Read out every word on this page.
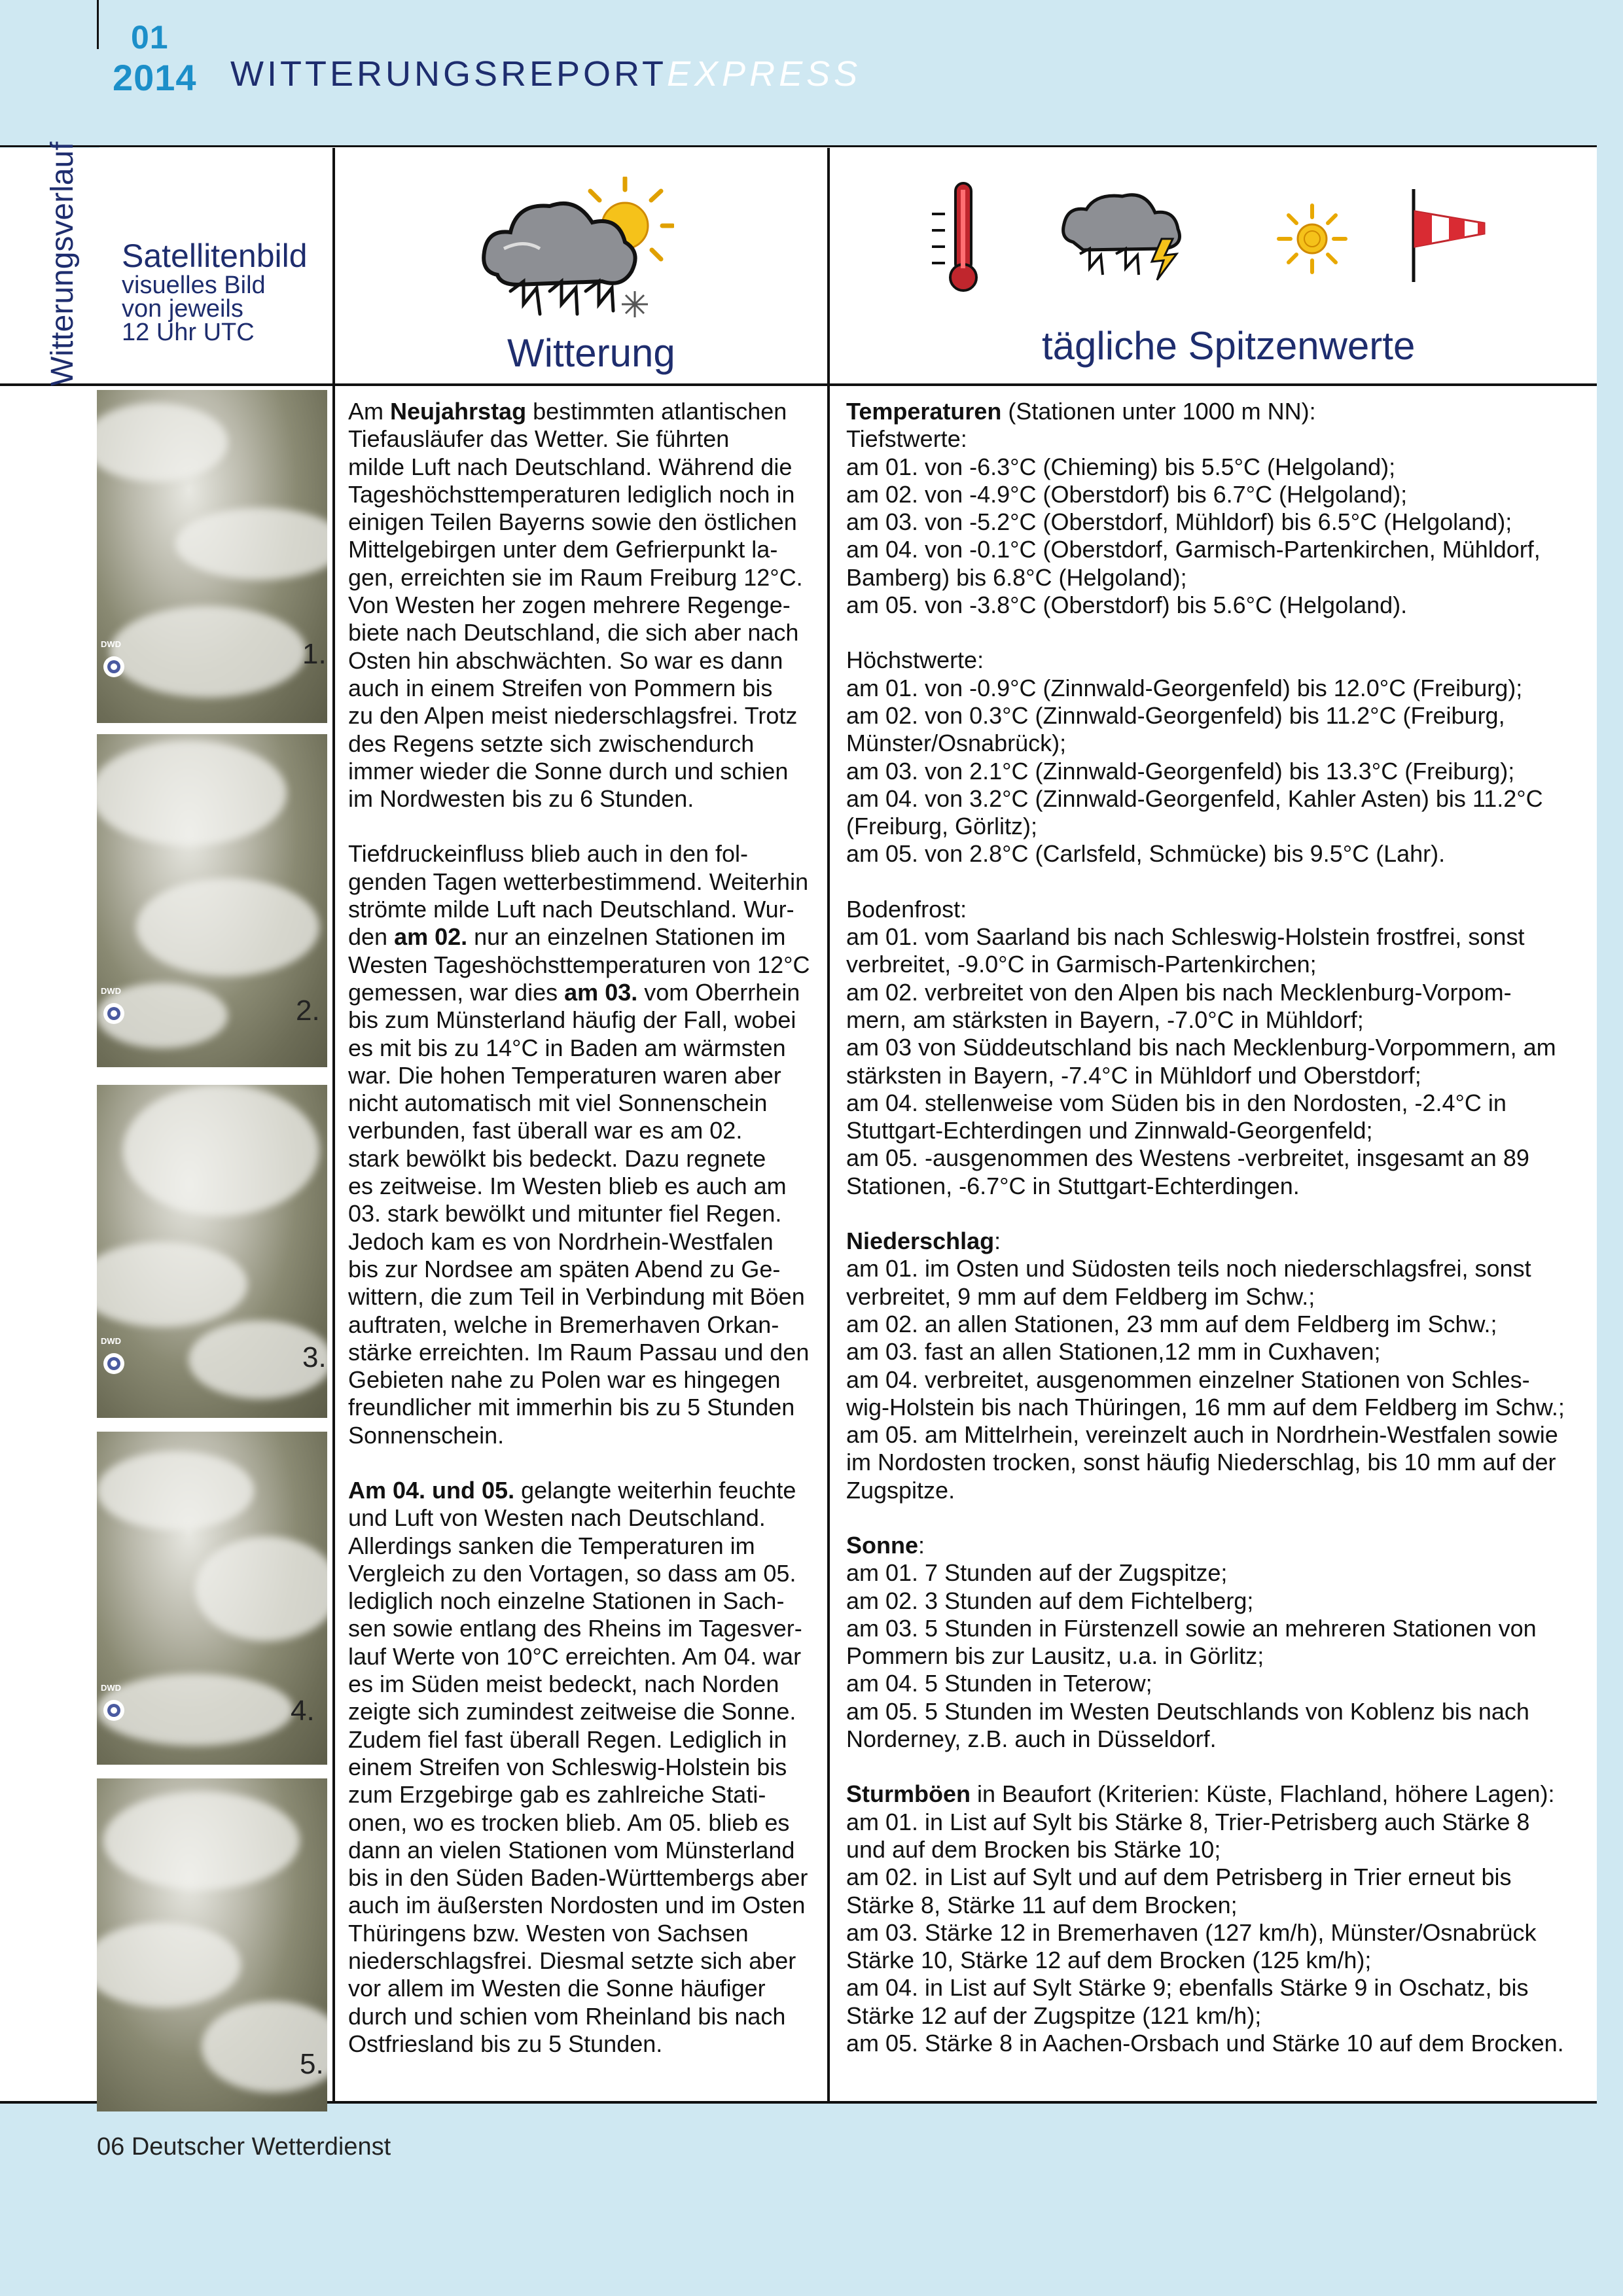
01
2014 WITTERUNGSREPORTEXPRESS
Witterungsverlauf Satellitenbild
visuelles Bild
von jeweils
12 Uhr UTC	Witterung	tägliche Spitzenwerte
DWD
DWD
DWD
DWD
1.
2.
3.
4.
5.

Am Neujahrstag bestimmten atlantischen
Tiefausläufer das Wetter. Sie führten
milde Luft nach Deutschland. Während die
Tageshöchsttemperaturen lediglich noch in
einigen Teilen Bayerns sowie den östlichen
Mittelgebirgen unter dem Gefrierpunkt la-
gen, erreichten sie im Raum Freiburg 12°C.
Von Westen her zogen mehrere Regenge-
biete nach Deutschland, die sich aber nach
Osten hin abschwächten. So war es dann
auch in einem Streifen von Pommern bis
zu den Alpen meist niederschlagsfrei. Trotz
des Regens setzte sich zwischendurch
immer wieder die Sonne durch und schien
im Nordwesten bis zu 6 Stunden.

Tiefdruckeinfluss blieb auch in den fol-
genden Tagen wetterbestimmend. Weiterhin
strömte milde Luft nach Deutschland. Wur-
den am 02. nur an einzelnen Stationen im
Westen Tageshöchsttemperaturen von 12°C
gemessen, war dies am 03. vom Oberrhein
bis zum Münsterland häufig der Fall, wobei
es mit bis zu 14°C in Baden am wärmsten
war. Die hohen Temperaturen waren aber
nicht automatisch mit viel Sonnenschein
verbunden, fast überall war es am 02.
stark bewölkt bis bedeckt. Dazu regnete
es zeitweise. Im Westen blieb es auch am
03. stark bewölkt und mitunter fiel Regen.
Jedoch kam es von Nordrhein-Westfalen
bis zur Nordsee am späten Abend zu Ge-
wittern, die zum Teil in Verbindung mit Böen
auftraten, welche in Bremerhaven Orkan-
stärke erreichten. Im Raum Passau und den
Gebieten nahe zu Polen war es hingegen
freundlicher mit immerhin bis zu 5 Stunden
Sonnenschein.

Am 04. und 05. gelangte weiterhin feuchte
und Luft von Westen nach Deutschland.
Allerdings sanken die Temperaturen im
Vergleich zu den Vortagen, so dass am 05.
lediglich noch einzelne Stationen in Sach-
sen sowie entlang des Rheins im Tagesver-
lauf Werte von 10°C erreichten. Am 04. war
es im Süden meist bedeckt, nach Norden
zeigte sich zumindest zeitweise die Sonne.
Zudem fiel fast überall Regen. Lediglich in
einem Streifen von Schleswig-Holstein bis
zum Erzgebirge gab es zahlreiche Stati-
onen, wo es trocken blieb. Am 05. blieb es
dann an vielen Stationen vom Münsterland
bis in den Süden Baden-Württembergs aber
auch im äußersten Nordosten und im Osten
Thüringens bzw. Westen von Sachsen
niederschlagsfrei. Diesmal setzte sich aber
vor allem im Westen die Sonne häufiger
durch und schien vom Rheinland bis nach
Ostfriesland bis zu 5 Stunden.

Temperaturen (Stationen unter 1000 m NN):
Tiefstwerte:
am 01. von -6.3°C (Chieming) bis 5.5°C (Helgoland);
am 02. von -4.9°C (Oberstdorf) bis 6.7°C (Helgoland);
am 03. von -5.2°C (Oberstdorf, Mühldorf) bis 6.5°C (Helgoland);
am 04. von -0.1°C (Oberstdorf, Garmisch-Partenkirchen, Mühldorf,
Bamberg) bis 6.8°C (Helgoland);
am 05. von -3.8°C (Oberstdorf) bis 5.6°C (Helgoland).

Höchstwerte:
am 01. von -0.9°C (Zinnwald-Georgenfeld) bis 12.0°C (Freiburg);
am 02. von 0.3°C (Zinnwald-Georgenfeld) bis 11.2°C (Freiburg,
Münster/Osnabrück);
am 03. von 2.1°C (Zinnwald-Georgenfeld) bis 13.3°C (Freiburg);
am 04. von 3.2°C (Zinnwald-Georgenfeld, Kahler Asten) bis 11.2°C
(Freiburg, Görlitz);
am 05. von 2.8°C (Carlsfeld, Schmücke) bis 9.5°C (Lahr).

Bodenfrost:
am 01. vom Saarland bis nach Schleswig-Holstein frostfrei, sonst
verbreitet, -9.0°C in Garmisch-Partenkirchen;
am 02. verbreitet von den Alpen bis nach Mecklenburg-Vorpom-
mern, am stärksten in Bayern, -7.0°C in Mühldorf;
am 03 von Süddeutschland bis nach Mecklenburg-Vorpommern, am
stärksten in Bayern, -7.4°C in Mühldorf und Oberstdorf;
am 04. stellenweise vom Süden bis in den Nordosten, -2.4°C in
Stuttgart-Echterdingen und Zinnwald-Georgenfeld;
am 05. -ausgenommen des Westens -verbreitet, insgesamt an 89
Stationen, -6.7°C in Stuttgart-Echterdingen.

Niederschlag:
am 01. im Osten und Südosten teils noch niederschlagsfrei, sonst
verbreitet, 9 mm auf dem Feldberg im Schw.;
am 02. an allen Stationen, 23 mm auf dem Feldberg im Schw.;
am 03. fast an allen Stationen,12 mm in Cuxhaven;
am 04. verbreitet, ausgenommen einzelner Stationen von Schles-
wig-Holstein bis nach Thüringen, 16 mm auf dem Feldberg im Schw.;
am 05. am Mittelrhein, vereinzelt auch in Nordrhein-Westfalen sowie
im Nordosten trocken, sonst häufig Niederschlag, bis 10 mm auf der
Zugspitze.

Sonne:
am 01. 7 Stunden auf der Zugspitze;
am 02. 3 Stunden auf dem Fichtelberg;
am 03. 5 Stunden in Fürstenzell sowie an mehreren Stationen von
Pommern bis zur Lausitz, u.a. in Görlitz;
am 04. 5 Stunden in Teterow;
am 05. 5 Stunden im Westen Deutschlands von Koblenz bis nach
Norderney, z.B. auch in Düsseldorf.

Sturmböen in Beaufort (Kriterien: Küste, Flachland, höhere Lagen):
am 01. in List auf Sylt bis Stärke 8, Trier-Petrisberg auch Stärke 8
und auf dem Brocken bis Stärke 10;
am 02. in List auf Sylt und auf dem Petrisberg in Trier erneut bis
Stärke 8, Stärke 11 auf dem Brocken;
am 03. Stärke 12 in Bremerhaven (127 km/h), Münster/Osnabrück
Stärke 10, Stärke 12 auf dem Brocken (125 km/h);
am 04. in List auf Sylt Stärke 9; ebenfalls Stärke 9 in Oschatz, bis
Stärke 12 auf der Zugspitze (121 km/h);
am 05. Stärke 8 in Aachen-Orsbach und Stärke 10 auf dem Brocken.

06 Deutscher Wetterdienst
